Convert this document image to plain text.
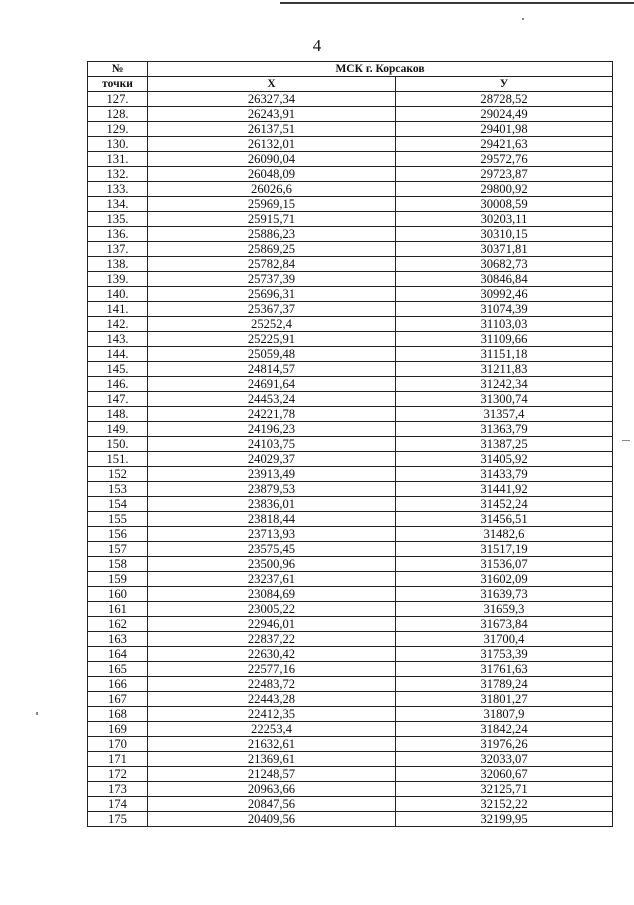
4
№	МСК г. Корсаков	
точки	X	У
127.	26327,34	28728,52
128.	26243,91	29024,49
129.	26137,51	29401,98
130.	26132,01	29421,63
131.	26090,04	29572,76
132.	26048,09	29723,87
133.	26026,6	29800,92
134.	25969,15	30008,59
135.	25915,71	30203,11
136.	25886,23	30310,15
137.	25869,25	30371,81
138.	25782,84	30682,73
139.	25737,39	30846,84
140.	25696,31	30992,46
141.	25367,37	31074,39
142.	25252,4	31103,03
143.	25225,91	31109,66
144.	25059,48	31151,18
145.	24814,57	31211,83
146.	24691,64	31242,34
147.	24453,24	31300,74
148.	24221,78	31357,4
149.	24196,23	31363,79
150.	24103,75	31387,25
151.	24029,37	31405,92
152	23913,49	31433,79
153	23879,53	31441,92
154	23836,01	31452,24
155	23818,44	31456,51
156	23713,93	31482,6
157	23575,45	31517,19
158	23500,96	31536,07
159	23237,61	31602,09
160	23084,69	31639,73
161	23005,22	31659,3
162	22946,01	31673,84
163	22837,22	31700,4
164	22630,42	31753,39
165	22577,16	31761,63
166	22483,72	31789,24
167	22443,28	31801,27
168	22412,35	31807,9
169	22253,4	31842,24
170	21632,61	31976,26
171	21369,61	32033,07
172	21248,57	32060,67
173	20963,66	32125,71
174	20847,56	32152,22
175	20409,56	32199,95
